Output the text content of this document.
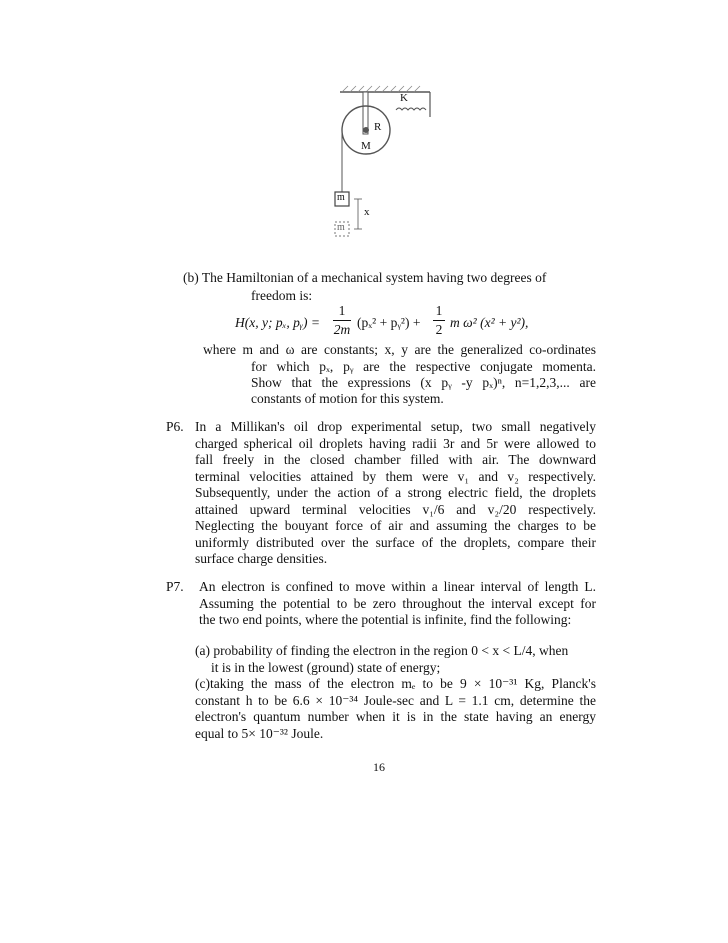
K
R
M
m
x
m
(b) The Hamiltonian of a mechanical system having two degrees of
freedom is:
H(x, y; pₓ, pᵧ) =
1
2m (pₓ² + pᵧ²) +
1
2 m ω² (x² + y²),
where m and ω are constants; x, y are the generalized co-ordinates
for which pₓ, pᵧ are the respective conjugate momenta.
Show that the expressions (x pᵧ -y pₓ)ⁿ, n=1,2,3,... are
constants of motion for this system.
P6. In a Millikan's oil drop experimental setup, two small negatively
charged spherical oil droplets having radii 3r and 5r were allowed to
fall freely in the closed chamber filled with air. The downward
terminal velocities attained by them were v₁ and v₂ respectively.
Subsequently, under the action of a strong electric field, the droplets
attained upward terminal velocities v₁/6 and v₂/20 respectively.
Neglecting the bouyant force of air and assuming the charges to be
uniformly distributed over the surface of the droplets, compare their
surface charge densities.
P7. An electron is confined to move within a linear interval of length L.
Assuming the potential to be zero throughout the interval except for
the two end points, where the potential is infinite, find the following:
(a) probability of finding the electron in the region 0 < x < L/4, when
it is in the lowest (ground) state of energy;
(c)taking the mass of the electron mₑ to be 9 × 10⁻³¹ Kg, Planck's
constant h to be 6.6 × 10⁻³⁴ Joule-sec and L = 1.1 cm, determine the
electron's quantum number when it is in the state having an energy
equal to 5× 10⁻³² Joule.
16
